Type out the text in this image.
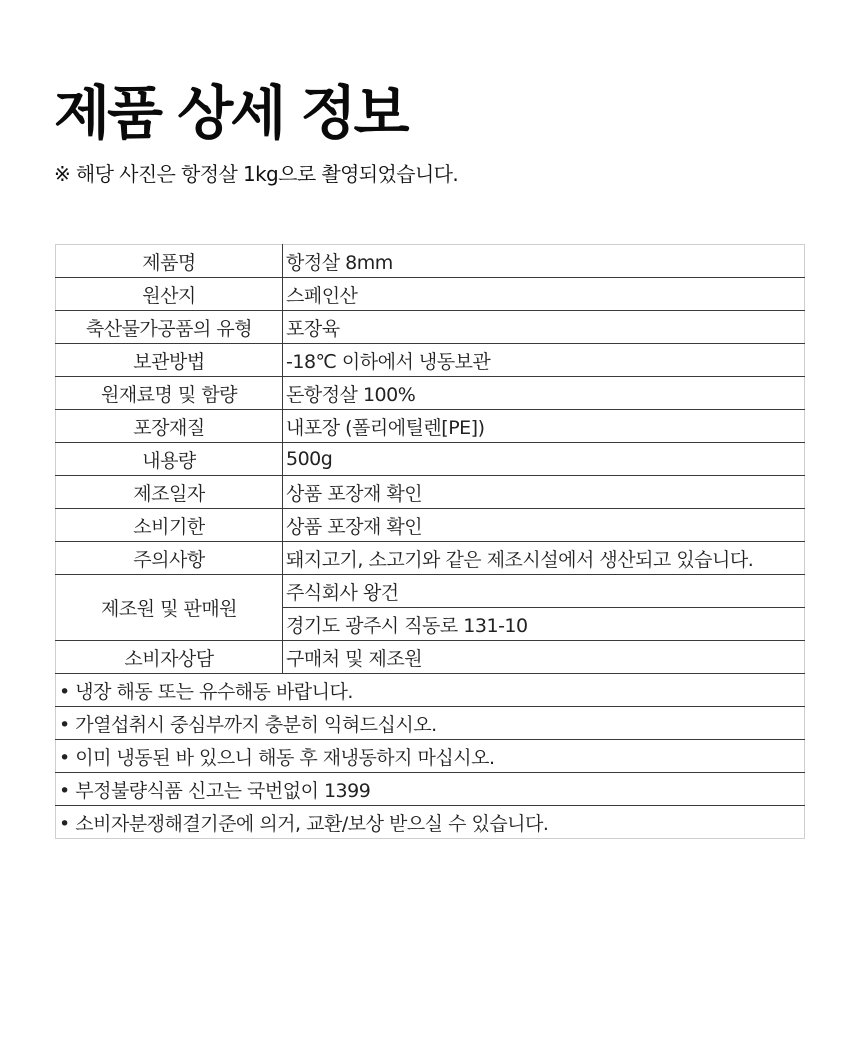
제품 상세 정보
※ 해당 사진은 항정살 1kg으로 촬영되었습니다.
제품명	항정살 8mm
원산지	스페인산
축산물가공품의 유형	포장육
보관방법	-18℃ 이하에서 냉동보관
원재료명 및 함량	돈항정살 100%
포장재질	내포장 (폴리에틸렌[PE])
내용량	500g
제조일자	상품 포장재 확인
소비기한	상품 포장재 확인
주의사항	돼지고기, 소고기와 같은 제조시설에서 생산되고 있습니다.
제조원 및 판매원	주식회사 왕건
	경기도 광주시 직동로 131-10
소비자상담	구매처 및 제조원
• 냉장 해동 또는 유수해동 바랍니다.	
• 가열섭취시 중심부까지 충분히 익혀드십시오.	
• 이미 냉동된 바 있으니 해동 후 재냉동하지 마십시오.	
• 부정불량식품 신고는 국번없이 1399	
• 소비자분쟁해결기준에 의거, 교환/보상 받으실 수 있습니다.	
